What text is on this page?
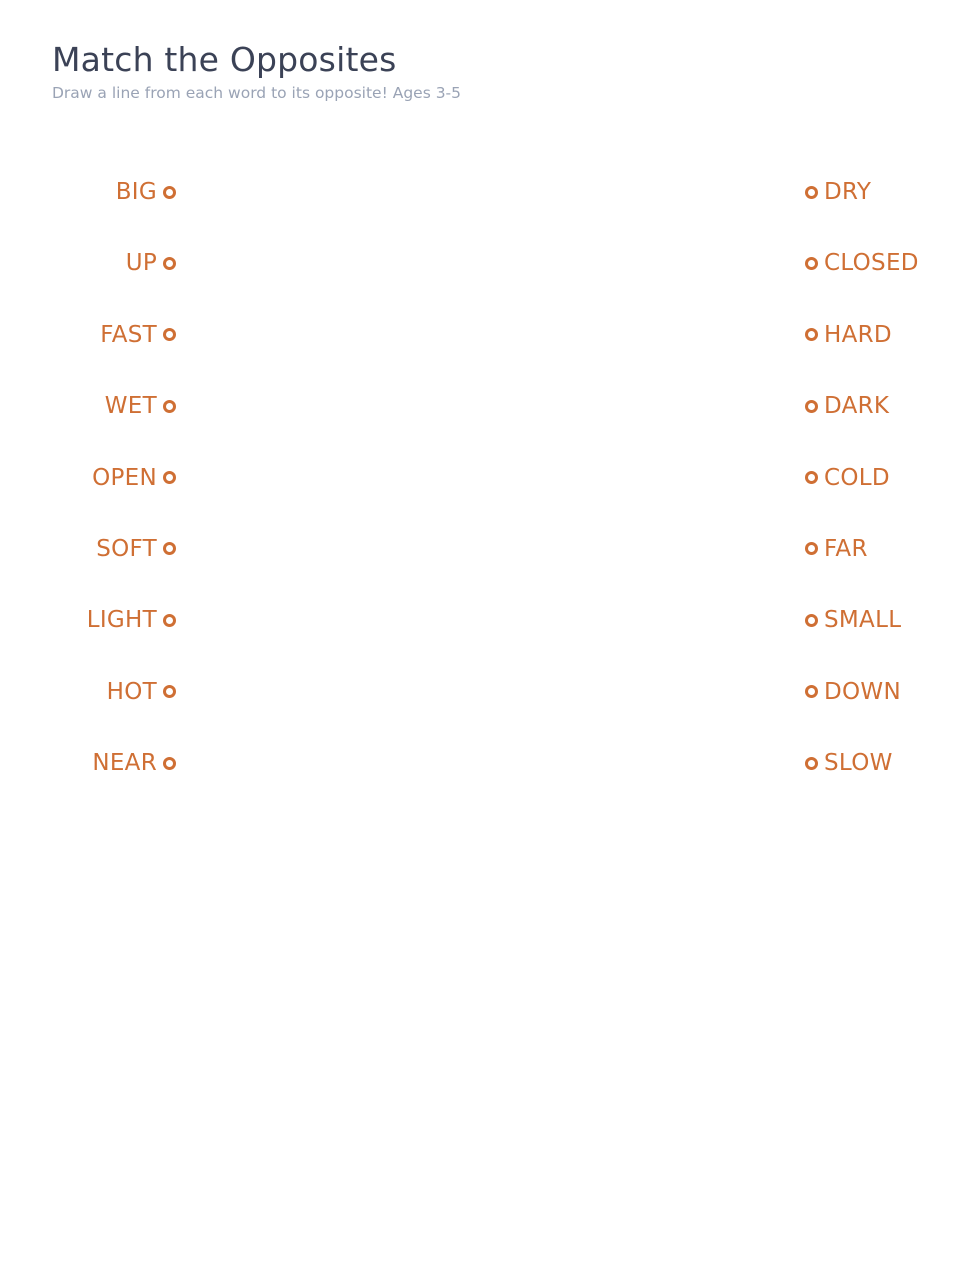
Match the Opposites

Draw a line from each word to its opposite! Ages 3-5

BIG
UP
FAST
WET
OPEN
SOFT
LIGHT
HOT
NEAR
DRY
CLOSED
HARD
DARK
COLD
FAR
SMALL
DOWN
SLOW
